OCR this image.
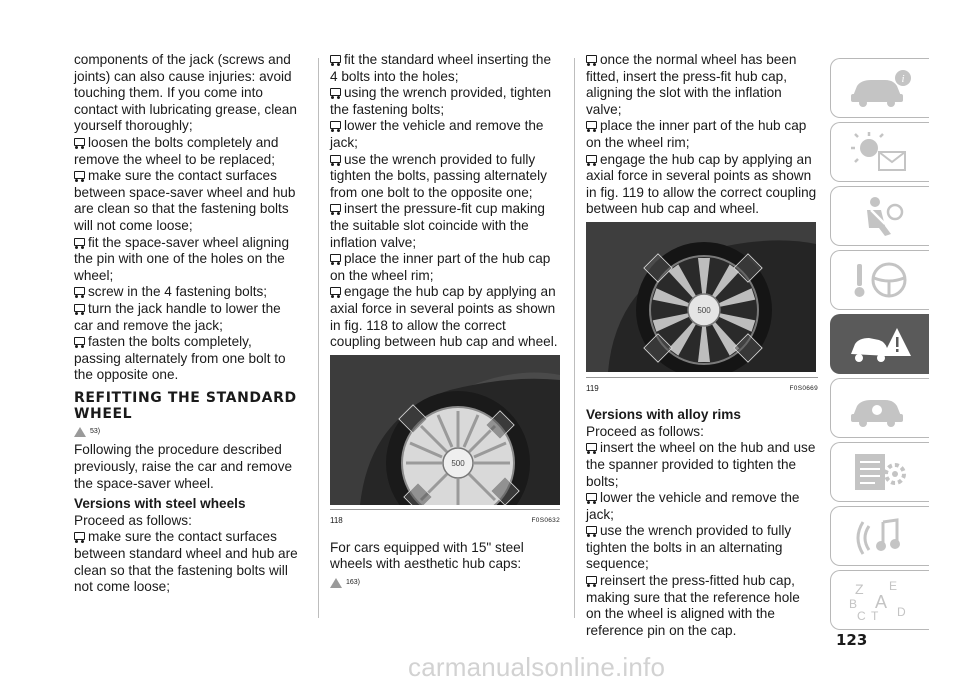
components of the jack (screws and joints) can also cause injuries: avoid touching them. If you come into contact with lubricating grease, clean yourself thoroughly;

loosen the bolts completely and remove the wheel to be replaced;

make sure the contact surfaces between space-saver wheel and hub are clean so that the fastening bolts will not come loose;

fit the space-saver wheel aligning the pin with one of the holes on the wheel;

screw in the 4 fastening bolts;

turn the jack handle to lower the car and remove the jack;

fasten the bolts completely, passing alternately from one bolt to the opposite one.

REFITTING THE STANDARD WHEEL
53)

Following the procedure described previously, raise the car and remove the space-saver wheel.

Versions with steel wheels

Proceed as follows:

make sure the contact surfaces between standard wheel and hub are clean so that the fastening bolts will not come loose;

fit the standard wheel inserting the 4 bolts into the holes;

using the wrench provided, tighten the fastening bolts;

lower the vehicle and remove the jack;

use the wrench provided to fully tighten the bolts, passing alternately from one bolt to the opposite one;

insert the pressure-fit cup making the suitable slot coincide with the inflation valve;

place the inner part of the hub cap on the wheel rim;

engage the hub cap by applying an axial force in several points as shown in fig. 118 to allow the correct coupling between hub cap and wheel.

500
118	F0S0632

For cars equipped with 15" steel wheels with aesthetic hub caps:

163)

once the normal wheel has been fitted, insert the press-fit hub cap, aligning the slot with the inflation valve;

place the inner part of the hub cap on the wheel rim;

engage the hub cap by applying an axial force in several points as shown in fig. 119 to allow the correct coupling between hub cap and wheel.

500
119	F0S0669
Versions with alloy rims

Proceed as follows:

insert the wheel on the hub and use the spanner provided to tighten the bolts;

lower the vehicle and remove the jack;

use the wrench provided to fully tighten the bolts in an alternating sequence;

reinsert the press-fitted hub cap, making sure that the reference hole on the wheel is aligned with the reference pin on the cap.

i
Z E
B A
C T D
123
carmanualsonline.info
